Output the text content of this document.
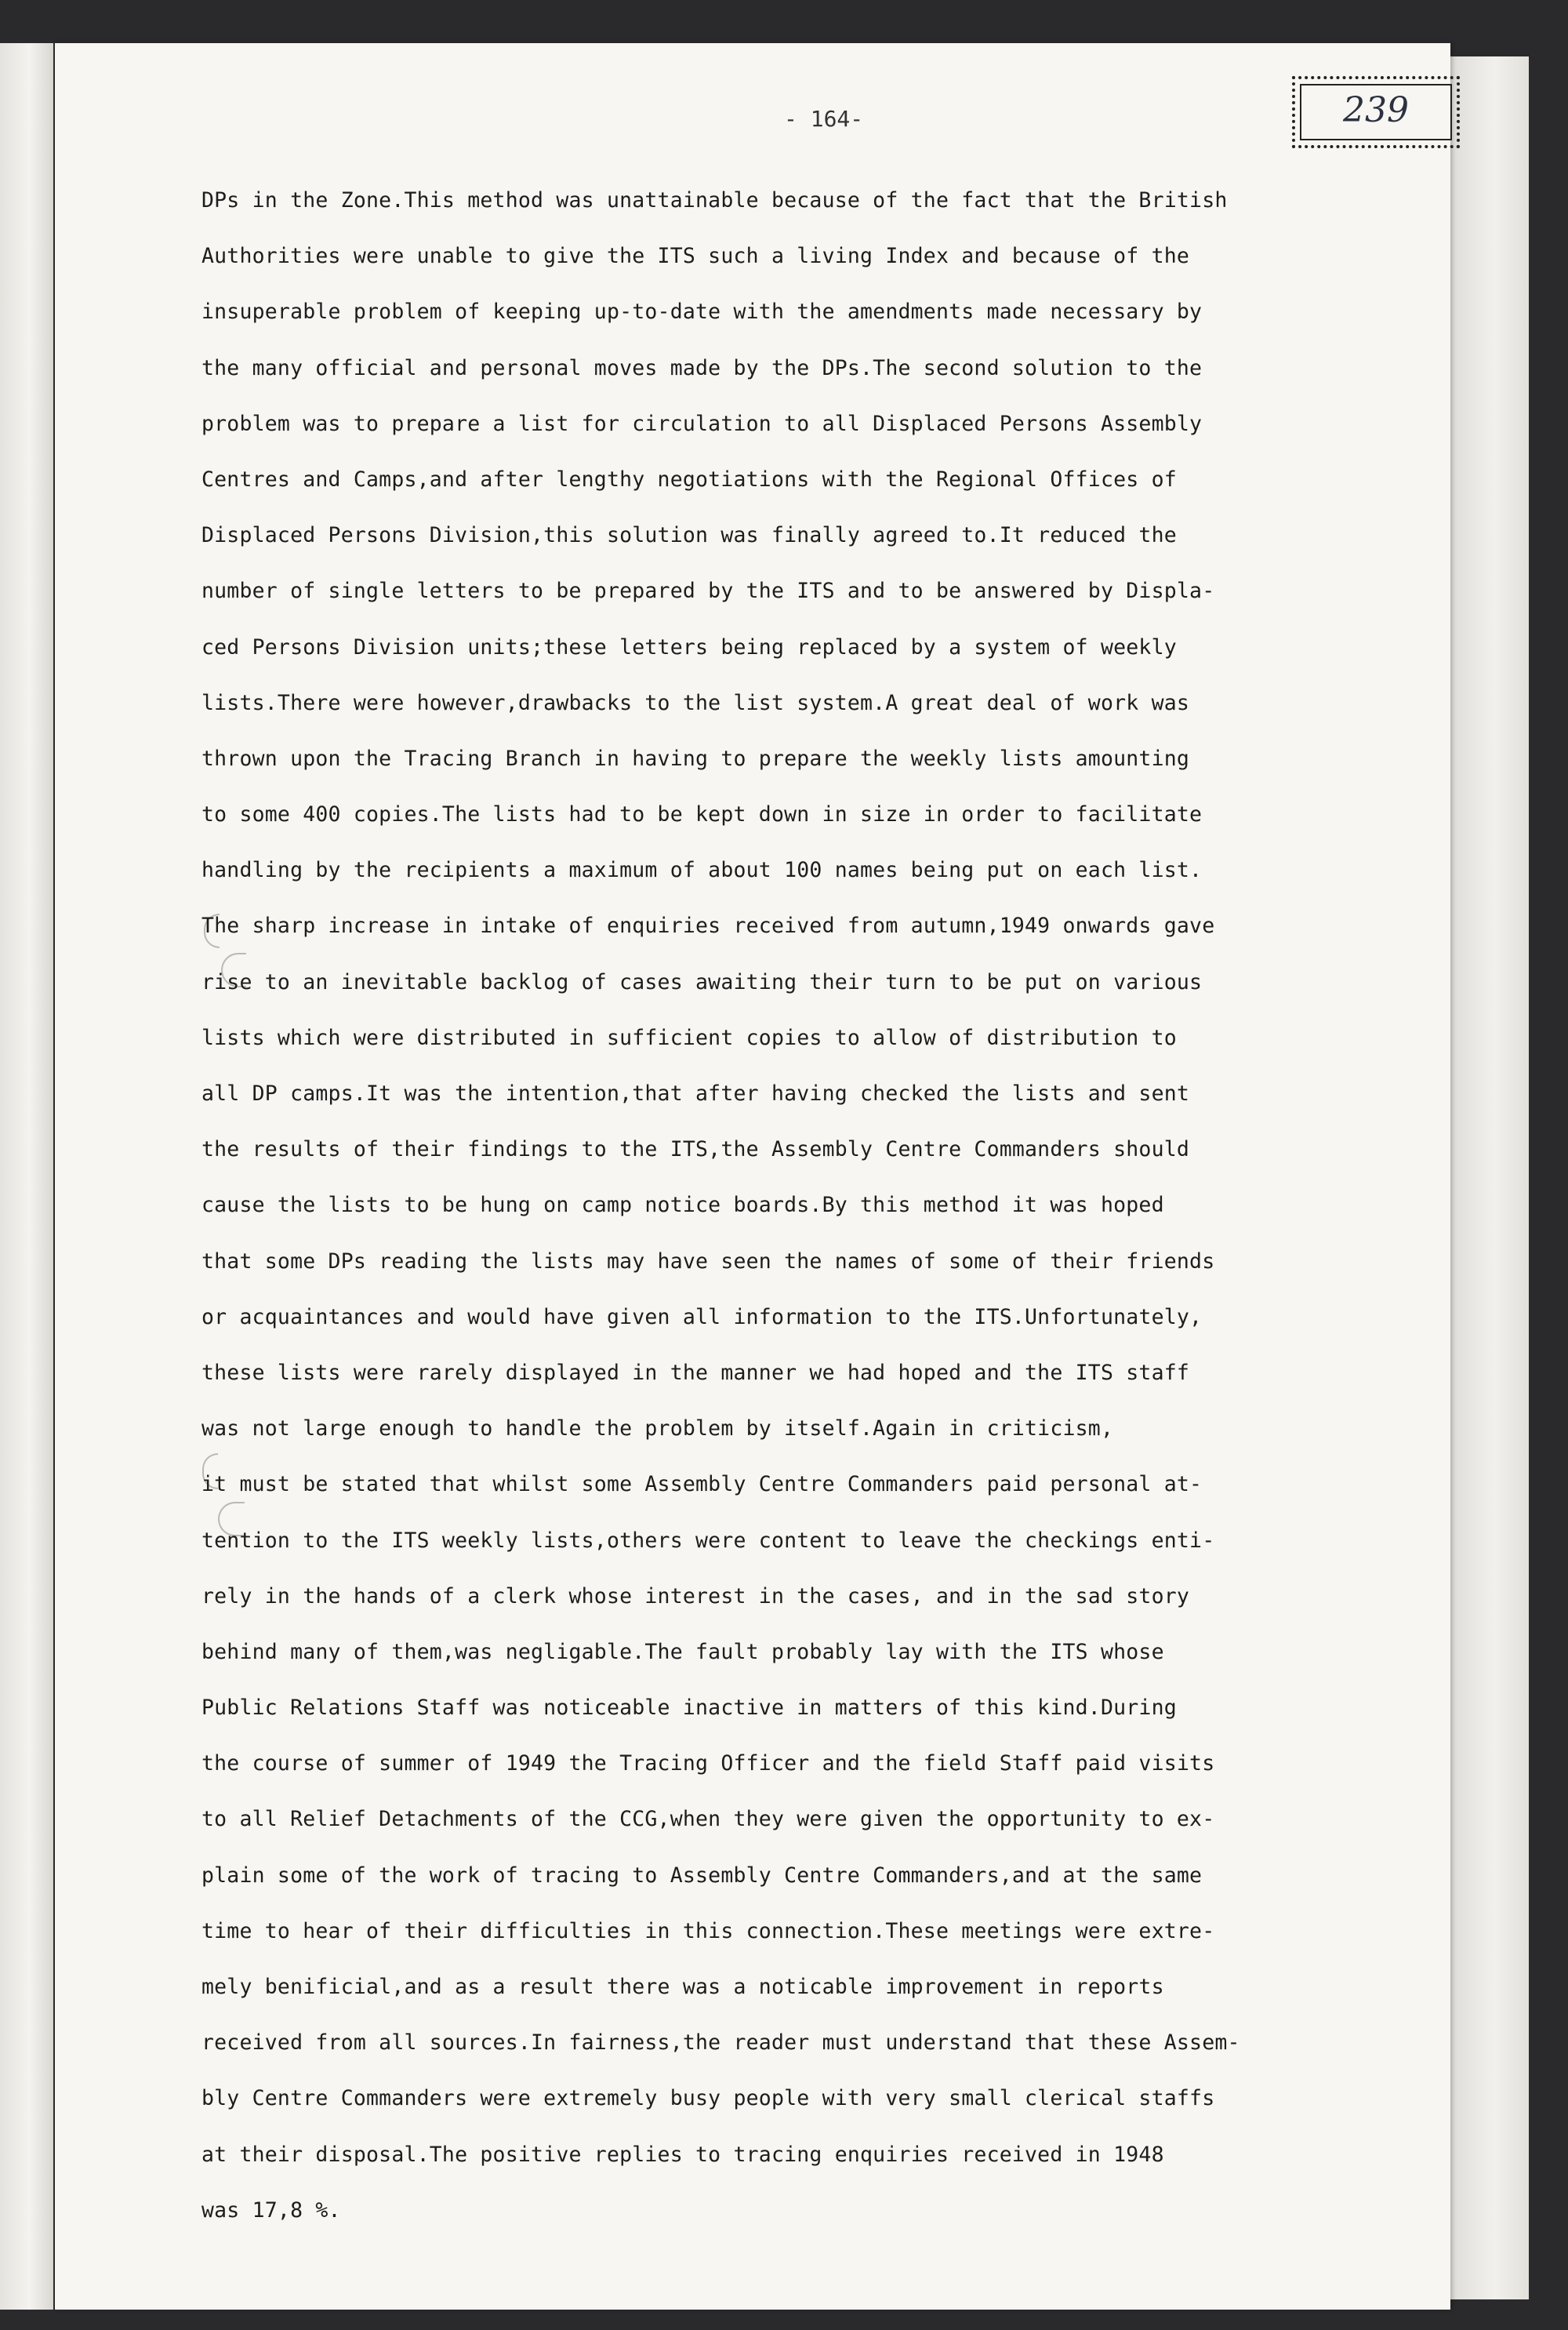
- 164-	239
DPs in the Zone.This method was unattainable because of the fact that the British
Authorities were unable to give the ITS such a living Index and because of the
insuperable problem of keeping up-to-date with the amendments made necessary by
the many official and personal moves made by the DPs.The second solution to the
problem was to prepare a list for circulation to all Displaced Persons Assembly
Centres and Camps,and after lengthy negotiations with the Regional Offices of
Displaced Persons Division,this solution was finally agreed to.It reduced the
number of single letters to be prepared by the ITS and to be answered by Displa-
ced Persons Division units;these letters being replaced by a system of weekly
lists.There were however,drawbacks to the list system.A great deal of work was
thrown upon the Tracing Branch in having to prepare the weekly lists amounting
to some 400 copies.The lists had to be kept down in size in order to facilitate
handling by the recipients a maximum of about 100 names being put on each list.
The sharp increase in intake of enquiries received from autumn,1949 onwards gave
rise to an inevitable backlog of cases awaiting their turn to be put on various
lists which were distributed in sufficient copies to allow of distribution to
all DP camps.It was the intention,that after having checked the lists and sent
the results of their findings to the ITS,the Assembly Centre Commanders should
cause the lists to be hung on camp notice boards.By this method it was hoped
that some DPs reading the lists may have seen the names of some of their friends
or acquaintances and would have given all information to the ITS.Unfortunately,
these lists were rarely displayed in the manner we had hoped and the ITS staff
was not large enough to handle the problem by itself.Again in criticism,
it must be stated that whilst some Assembly Centre Commanders paid personal at-
tention to the ITS weekly lists,others were content to leave the checkings enti-
rely in the hands of a clerk whose interest in the cases, and in the sad story
behind many of them,was negligable.The fault probably lay with the ITS whose
Public Relations Staff was noticeable inactive in matters of this kind.During
the course of summer of 1949 the Tracing Officer and the field Staff paid visits
to all Relief Detachments of the CCG,when they were given the opportunity to ex-
plain some of the work of tracing to Assembly Centre Commanders,and at the same
time to hear of their difficulties in this connection.These meetings were extre-
mely benificial,and as a result there was a noticable improvement in reports
received from all sources.In fairness,the reader must understand that these Assem-
bly Centre Commanders were extremely busy people with very small clerical staffs
at their disposal.The positive replies to tracing enquiries received in 1948
was 17,8 %.
